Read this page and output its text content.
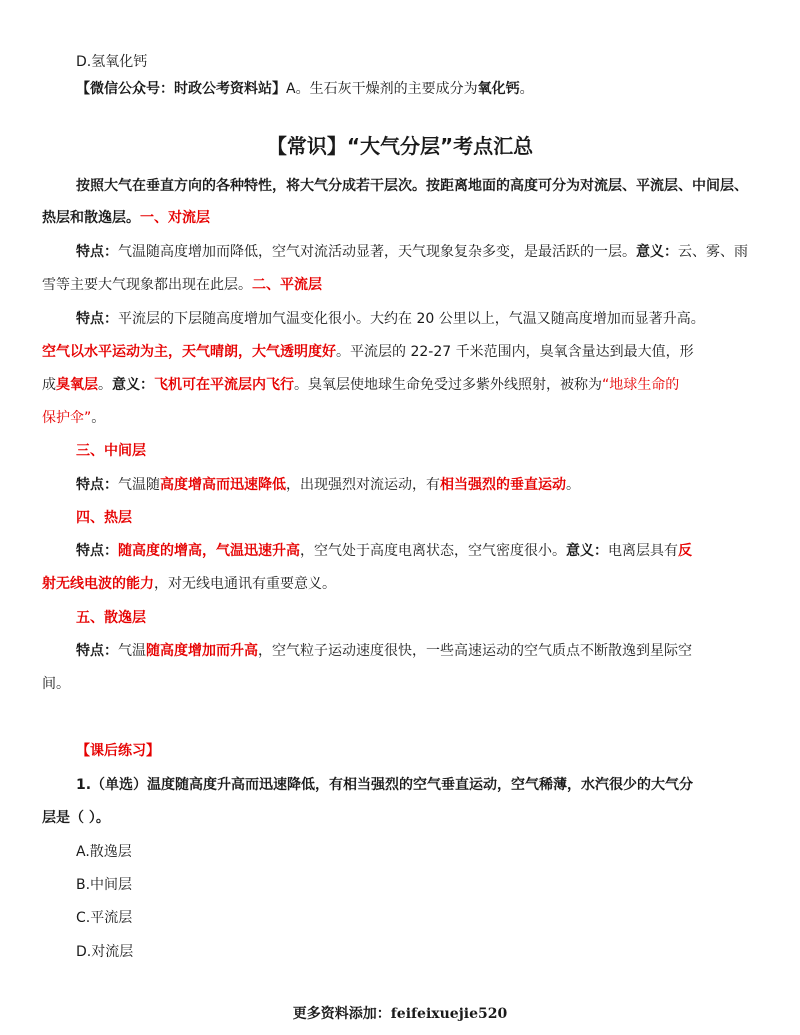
D.氢氧化钙
【微信公众号：时政公考资料站】A。生石灰干燥剂的主要成分为氧化钙。
【常识】“大气分层”考点汇总
按照大气在垂直方向的各种特性，将大气分成若干层次。按距离地面的高度可分为对流层、平流层、中间层、
热层和散逸层。一、对流层
特点：气温随高度增加而降低，空气对流活动显著，天气现象复杂多变，是最活跃的一层。意义：云、雾、雨
雪等主要大气现象都出现在此层。二、平流层
特点：平流层的下层随高度增加气温变化很小。大约在 20 公里以上，气温又随高度增加而显著升高。
空气以水平运动为主，天气晴朗，大气透明度好。平流层的 22-27 千米范围内，臭氧含量达到最大值，形
成臭氧层。意义：飞机可在平流层内飞行。臭氧层使地球生命免受过多紫外线照射，被称为“地球生命的
保护伞”。
三、中间层
特点：气温随高度增高而迅速降低，出现强烈对流运动，有相当强烈的垂直运动。
四、热层
特点：随高度的增高，气温迅速升高，空气处于高度电离状态，空气密度很小。意义：电离层具有反
射无线电波的能力，对无线电通讯有重要意义。
五、散逸层
特点：气温随高度增加而升高，空气粒子运动速度很快，一些高速运动的空气质点不断散逸到星际空
间。
【课后练习】
1.（单选）温度随高度升高而迅速降低，有相当强烈的空气垂直运动，空气稀薄，水汽很少的大气分
层是（ ）。
A.散逸层
B.中间层
C.平流层
D.对流层
更多资料添加：feifeixuejie520
